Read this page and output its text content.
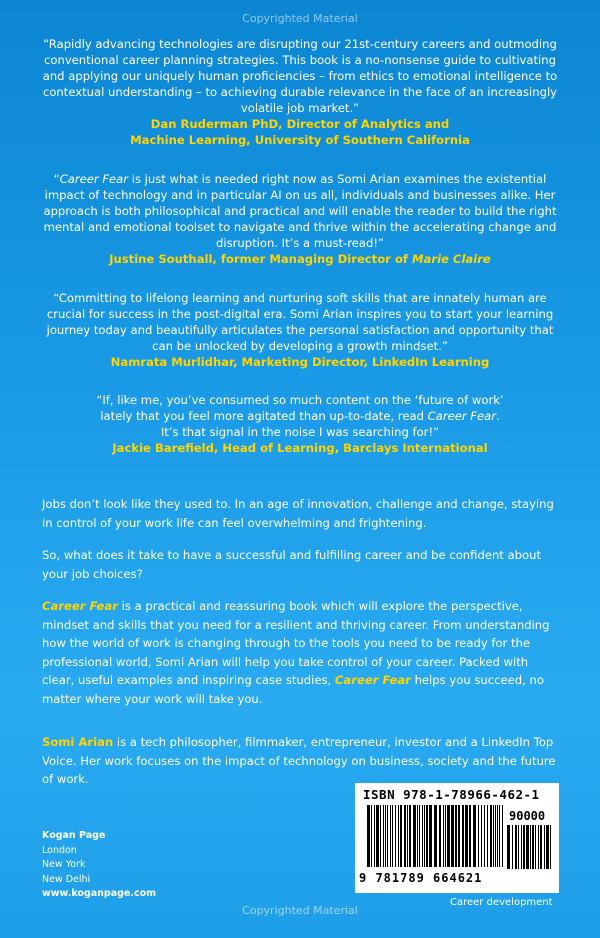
Copyrighted Material
“Rapidly advancing technologies are disrupting our 21st-century careers and outmoding conventional career planning strategies. This book is a no-nonsense guide to cultivating and applying our uniquely human proficiencies – from ethics to emotional intelligence to contextual understanding – to achieving durable relevance in the face of an increasingly volatile job market.”
Dan Ruderman PhD, Director of Analytics and
Machine Learning, University of Southern California
“Career Fear is just what is needed right now as Somi Arian examines the existential impact of technology and in particular AI on us all, individuals and businesses alike. Her approach is both philosophical and practical and will enable the reader to build the right mental and emotional toolset to navigate and thrive within the accelerating change and disruption. It’s a must-read!”
Justine Southall, former Managing Director of Marie Claire
“Committing to lifelong learning and nurturing soft skills that are innately human are crucial for success in the post-digital era. Somi Arian inspires you to start your learning journey today and beautifully articulates the personal satisfaction and opportunity that can be unlocked by developing a growth mindset.”
Namrata Murlidhar, Marketing Director, LinkedIn Learning
“If, like me, you’ve consumed so much content on the ‘future of work’
lately that you feel more agitated than up-to-date, read Career Fear.
It’s that signal in the noise I was searching for!”
Jackie Barefield, Head of Learning, Barclays International
Jobs don’t look like they used to. In an age of innovation, challenge and change, staying in control of your work life can feel overwhelming and frightening.
So, what does it take to have a successful and fulfilling career and be confident about your job choices?
Career Fear is a practical and reassuring book which will explore the perspective, mindset and skills that you need for a resilient and thriving career. From understanding how the world of work is changing through to the tools you need to be ready for the professional world, Somi Arian will help you take control of your career. Packed with clear, useful examples and inspiring case studies, Career Fear helps you succeed, no matter where your work will take you.
Somi Arian is a tech philosopher, filmmaker, entrepreneur, investor and a LinkedIn Top Voice. Her work focuses on the impact of technology on business, society and the future of work.
Kogan Page
London
New York
New Delhi
www.koganpage.com
ISBN 978-1-78966-462-1
90000
9 781789 664621
Career development
Copyrighted Material
